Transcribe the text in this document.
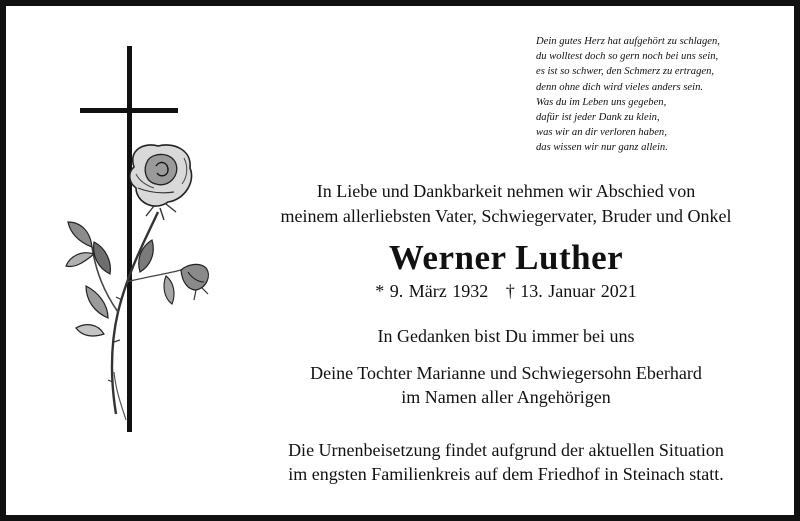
Dein gutes Herz hat aufgehört zu schlagen,
du wolltest doch so gern noch bei uns sein,
es ist so schwer, den Schmerz zu ertragen,
denn ohne dich wird vieles anders sein.
Was du im Leben uns gegeben,
dafür ist jeder Dank zu klein,
was wir an dir verloren haben,
das wissen wir nur ganz allein.
In Liebe und Dankbarkeit nehmen wir Abschied von
meinem allerliebsten Vater, Schwiegervater, Bruder und Onkel
Werner Luther
* 9. März 1932 † 13. Januar 2021
In Gedanken bist Du immer bei uns
Deine Tochter Marianne und Schwiegersohn Eberhard
im Namen aller Angehörigen
Die Urnenbeisetzung findet aufgrund der aktuellen Situation
im engsten Familienkreis auf dem Friedhof in Steinach statt.
